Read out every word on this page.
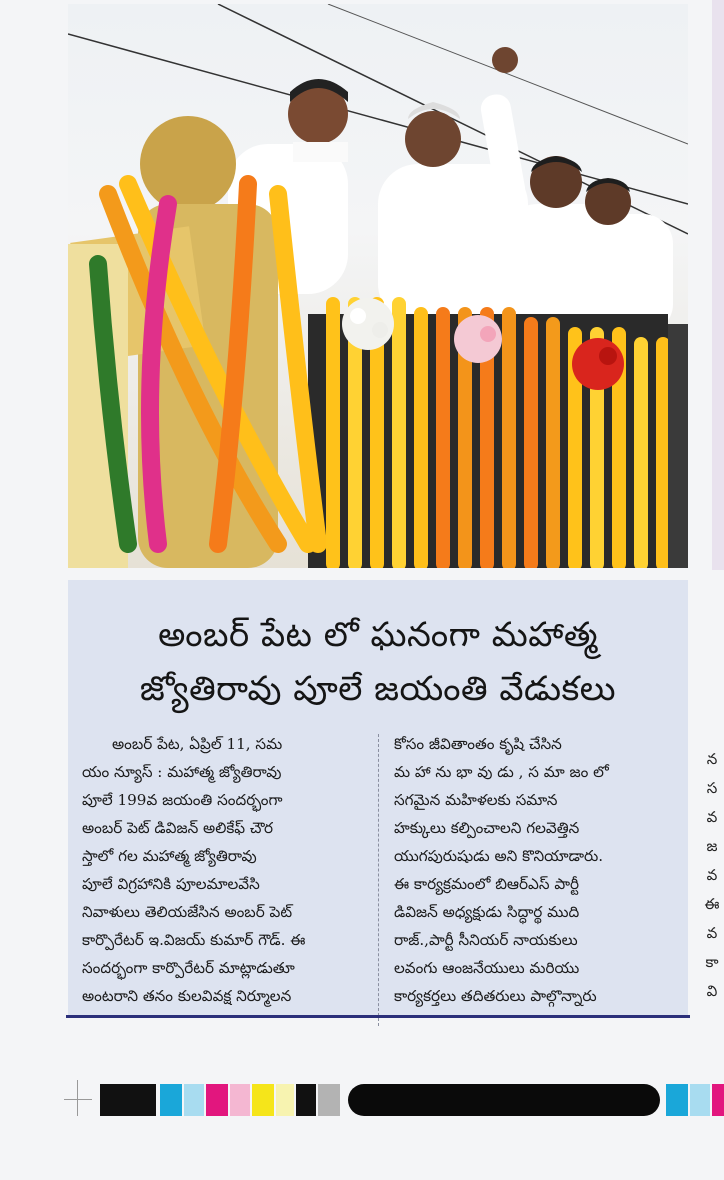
అంబర్ పేట లో ఘనంగా మహాత్మ
జ్యోతిరావు పూలే జయంతి వేడుకలు
అంబర్ పేట, ఏప్రిల్ 11, సమ
యం న్యూస్ : మహాత్మ జ్యోతిరావు
పూలే 199వ జయంతి సందర్భంగా
అంబర్ పెట్ డివిజన్ అలికేఫ్ చౌర
స్తాలో గల మహాత్మ జ్యోతిరావు
పూలే విగ్రహానికి పూలమాలవేసి
నివాళులు తెలియజేసిన అంబర్ పెట్
కార్పొరేటర్ ఇ.విజయ్ కుమార్ గౌడ్. ఈ
సందర్భంగా కార్పొరేటర్ మాట్లాడుతూ
అంటరాని తనం కులవివక్ష నిర్మూలన
కోసం జీవితాంతం కృషి చేసిన
మ హా ను భా వు డు , స మా జం లో
సగమైన మహిళలకు సమాన
హక్కులు కల్పించాలని గలవెత్తిన
యుగపురుషుడు అని కొనియాడారు.
ఈ కార్యక్రమంలో బిఆర్ఎస్ పార్టీ
డివిజన్ అధ్యక్షుడు సిద్ధార్థ ముది
రాజ్.,పార్టీ సీనియర్ నాయకులు
లవంగు ఆంజనేయులు మరియు
కార్యకర్తలు తదితరులు పాల్గొన్నారు
న
స
వ
జ
వ
ఈ
వ
కా
వి
